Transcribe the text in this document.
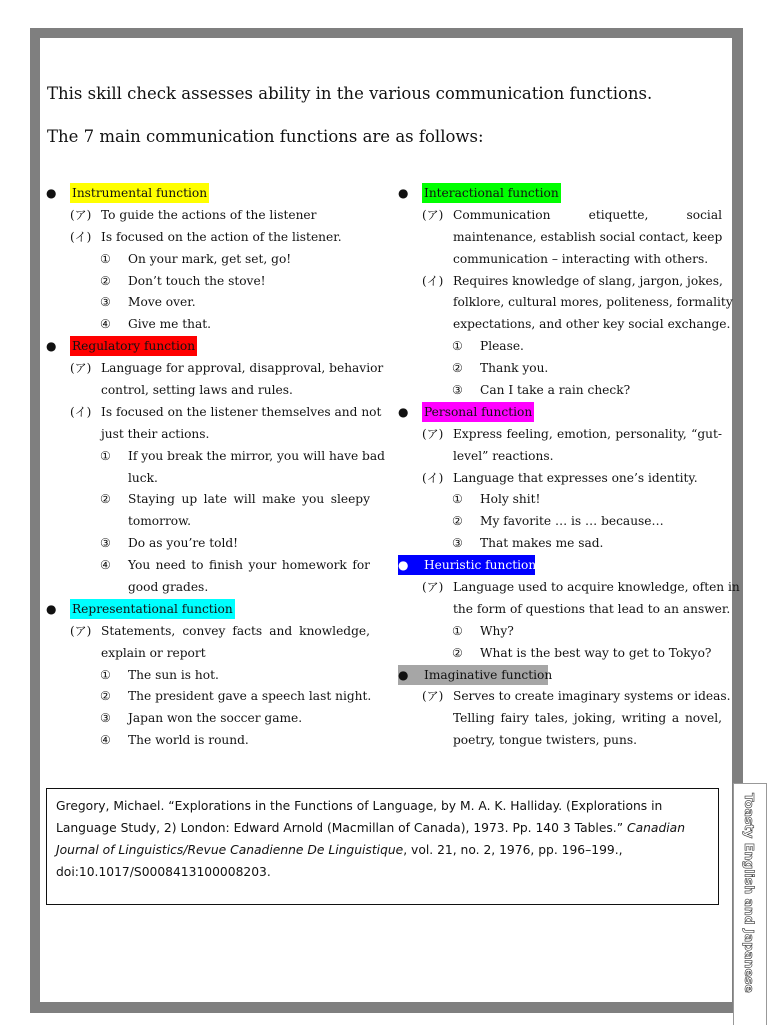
This skill check assesses ability in the various communication functions.
The 7 main communication functions are as follows:
● Instrumental function
(ア) To guide the actions of the listener
(イ) Is focused on the action of the listener.
① On your mark, get set, go!
② Don’t touch the stove!
③ Move over.
④ Give me that.
● Regulatory function
(ア) Language for approval, disapproval, behavior
control, setting laws and rules.
(イ) Is focused on the listener themselves and not
just their actions.
① If you break the mirror, you will have bad
luck.
② Staying up late will make you sleepy
tomorrow.
③ Do as you’re told!
④ You need to finish your homework for
good grades.
● Representational function
(ア) Statements, convey facts and knowledge,
explain or report
① The sun is hot.
② The president gave a speech last night.
③ Japan won the soccer game.
④ The world is round.
● Interactional function
(ア) Communication etiquette, social
maintenance, establish social contact, keep
communication – interacting with others.
(イ) Requires knowledge of slang, jargon, jokes,
folklore, cultural mores, politeness, formality
expectations, and other key social exchange.
① Please.
② Thank you.
③ Can I take a rain check?
● Personal function
(ア) Express feeling, emotion, personality, “gut-
level” reactions.
(イ) Language that expresses one’s identity.
① Holy shit!
② My favorite … is … because…
③ That makes me sad.
● Heuristic function
(ア) Language used to acquire knowledge, often in
the form of questions that lead to an answer.
① Why?
② What is the best way to get to Tokyo?
● Imaginative function
(ア) Serves to create imaginary systems or ideas.
Telling fairy tales, joking, writing a novel,
poetry, tongue twisters, puns.
Gregory, Michael. “Explorations in the Functions of Language, by M. A. K. Halliday. (Explorations in Language Study, 2) London: Edward Arnold (Macmillan of Canada), 1973. Pp. 140 3 Tables.” Canadian Journal of Linguistics/Revue Canadienne De Linguistique, vol. 21, no. 2, 1976, pp. 196–199., doi:10.1017/S0008413100008203.	Toasty English and Japanese
